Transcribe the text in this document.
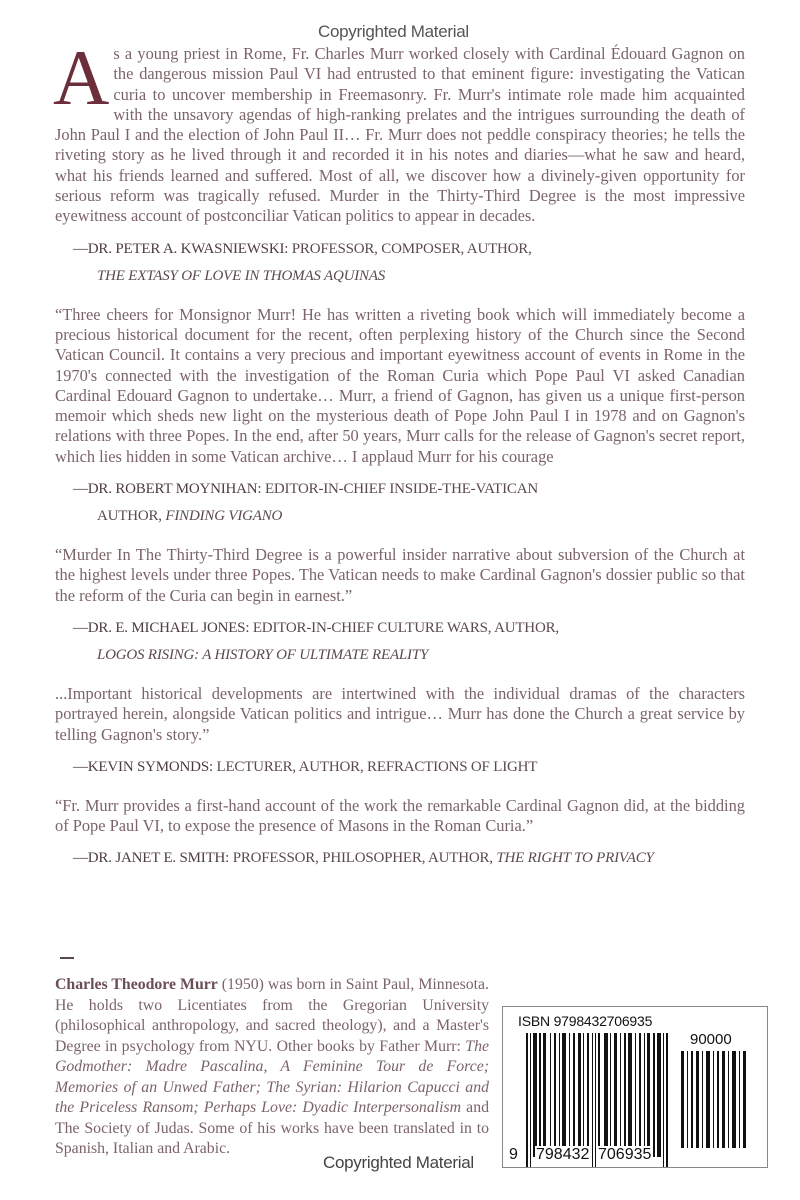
Copyrighted Material

As a young priest in Rome, Fr. Charles Murr worked closely with Cardinal Édouard Gagnon on the dangerous mission Paul VI had entrusted to that eminent figure: investigating the Vatican curia to uncover membership in Freemasonry. Fr. Murr's intimate role made him acquainted with the unsavory agendas of high-ranking prelates and the intrigues surrounding the death of John Paul I and the election of John Paul II… Fr. Murr does not peddle conspiracy theories; he tells the riveting story as he lived through it and recorded it in his notes and diaries—what he saw and heard, what his friends learned and suffered. Most of all, we discover how a divinely-given opportunity for serious reform was tragically refused. Murder in the Thirty-Third Degree is the most impressive eyewitness account of postconciliar Vatican politics to appear in decades.

—DR. PETER A. KWASNIEWSKI: PROFESSOR, COMPOSER, AUTHOR,
THE EXTASY OF LOVE IN THOMAS AQUINAS

“Three cheers for Monsignor Murr! He has written a riveting book which will immediately become a precious historical document for the recent, often perplexing history of the Church since the Second Vatican Council. It contains a very precious and important eyewitness account of events in Rome in the 1970's connected with the investigation of the Roman Curia which Pope Paul VI asked Canadian Cardinal Edouard Gagnon to undertake… Murr, a friend of Gagnon, has given us a unique first-person memoir which sheds new light on the mysterious death of Pope John Paul I in 1978 and on Gagnon's relations with three Popes. In the end, after 50 years, Murr calls for the release of Gagnon's secret report, which lies hidden in some Vatican archive… I applaud Murr for his courage

—DR. ROBERT MOYNIHAN: EDITOR-IN-CHIEF INSIDE-THE-VATICAN
AUTHOR, FINDING VIGANO

“Murder In The Thirty-Third Degree is a powerful insider narrative about subversion of the Church at the highest levels under three Popes. The Vatican needs to make Cardinal Gagnon's dossier public so that the reform of the Curia can begin in earnest.”

—DR. E. MICHAEL JONES: EDITOR-IN-CHIEF CULTURE WARS, AUTHOR,
LOGOS RISING: A HISTORY OF ULTIMATE REALITY

...Important historical developments are intertwined with the individual dramas of the characters portrayed herein, alongside Vatican politics and intrigue… Murr has done the Church a great service by telling Gagnon's story.”

—KEVIN SYMONDS: LECTURER, AUTHOR, REFRACTIONS OF LIGHT

“Fr. Murr provides a first-hand account of the work the remarkable Cardinal Gagnon did, at the bidding of Pope Paul VI, to expose the presence of Masons in the Roman Curia.”

—DR. JANET E. SMITH: PROFESSOR, PHILOSOPHER, AUTHOR, THE RIGHT TO PRIVACY

Charles Theodore Murr (1950) was born in Saint Paul, Minnesota. He holds two Licentiates from the Gregorian University (philosophical anthropology, and sacred theology), and a Master's Degree in psychology from NYU. Other books by Father Murr: The Godmother: Madre Pascalina, A Feminine Tour de Force; Memories of an Unwed Father; The Syrian: Hilarion Capucci and the Priceless Ransom; Perhaps Love: Dyadic Interpersonalism and The Society of Judas. Some of his works have been translated in to Spanish, Italian and Arabic.

ISBN 9798432706935
90000
9 798432 706935
Copyrighted Material
